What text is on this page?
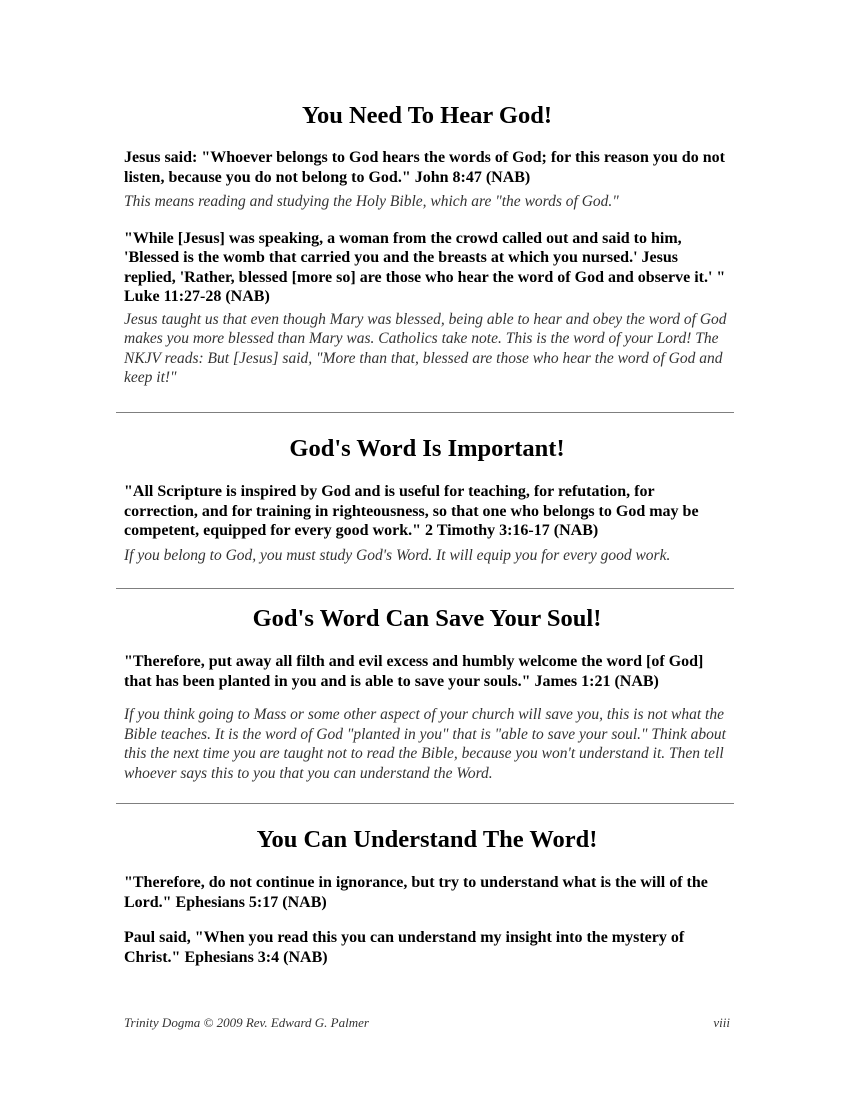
You Need To Hear God!

Jesus said: "Whoever belongs to God hears the words of God; for this reason you do not listen, because you do not belong to God." John 8:47 (NAB)

This means reading and studying the Holy Bible, which are "the words of God."

"While [Jesus] was speaking, a woman from the crowd called out and said to him, 'Blessed is the womb that carried you and the breasts at which you nursed.' Jesus replied, 'Rather, blessed [more so] are those who hear the word of God and observe it.' " Luke 11:27-28 (NAB)

Jesus taught us that even though Mary was blessed, being able to hear and obey the word of God makes you more blessed than Mary was. Catholics take note. This is the word of your Lord! The NKJV reads: But [Jesus] said, "More than that, blessed are those who hear the word of God and keep it!"

God's Word Is Important!

"All Scripture is inspired by God and is useful for teaching, for refutation, for correction, and for training in righteousness, so that one who belongs to God may be competent, equipped for every good work." 2 Timothy 3:16-17 (NAB)

If you belong to God, you must study God's Word. It will equip you for every good work.

God's Word Can Save Your Soul!

"Therefore, put away all filth and evil excess and humbly welcome the word [of God] that has been planted in you and is able to save your souls." James 1:21 (NAB)

If you think going to Mass or some other aspect of your church will save you, this is not what the Bible teaches. It is the word of God "planted in you" that is "able to save your soul." Think about this the next time you are taught not to read the Bible, because you won't understand it. Then tell whoever says this to you that you can understand the Word.

You Can Understand The Word!

"Therefore, do not continue in ignorance, but try to understand what is the will of the Lord." Ephesians 5:17 (NAB)

Paul said, "When you read this you can understand my insight into the mystery of Christ." Ephesians 3:4 (NAB)

Trinity Dogma © 2009 Rev. Edward G. Palmer	viii
